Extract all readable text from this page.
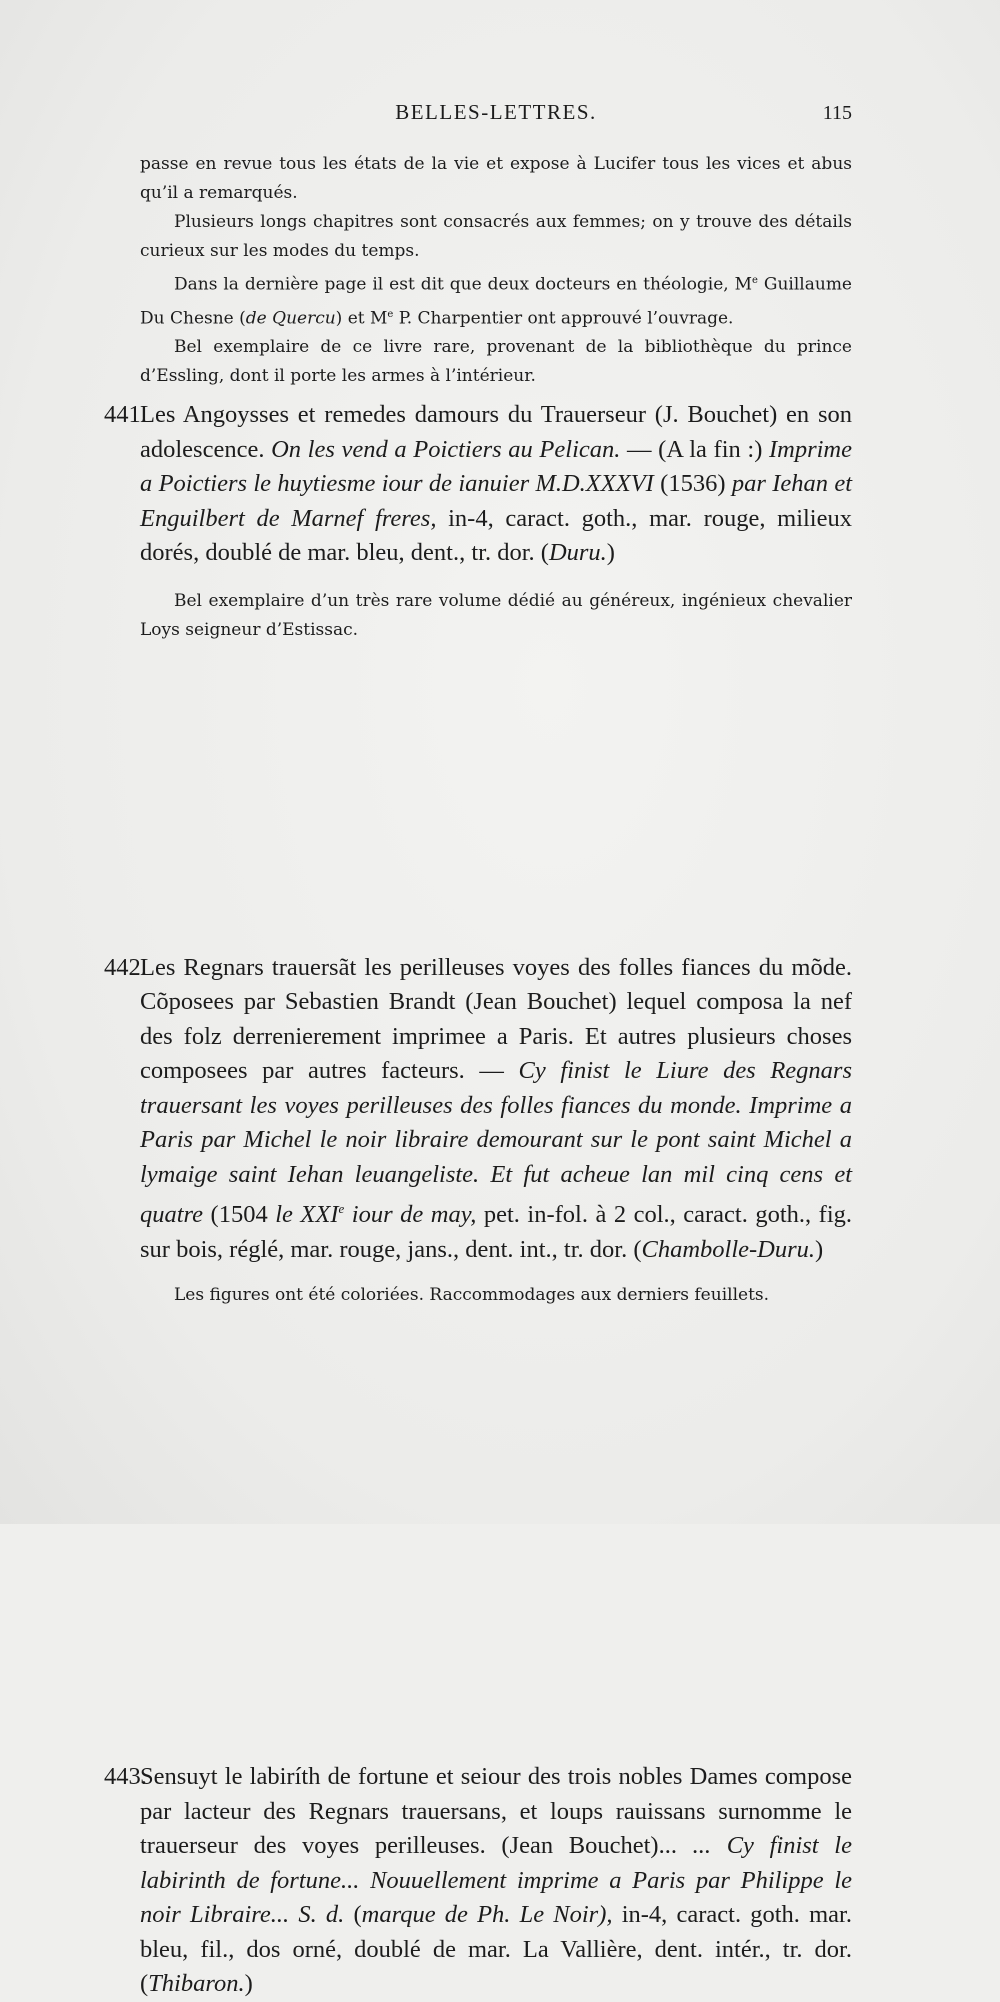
BELLES-LETTRES.	115

passe en revue tous les états de la vie et expose à Lucifer tous les vices et abus qu’il a remarqués.

Plusieurs longs chapitres sont consacrés aux femmes; on y trouve des détails curieux sur les modes du temps.

Dans la dernière page il est dit que deux docteurs en théologie, Me Guillaume Du Chesne (de Quercu) et Me P. Charpentier ont approuvé l’ouvrage.

Bel exemplaire de ce livre rare, provenant de la bibliothèque du prince d’Essling, dont il porte les armes à l’intérieur.

441.

Les Angoysses et remedes damours du Trauerseur (J. Bouchet) en son adolescence. On les vend a Poictiers au Pelican. — (A la fin :) Imprime a Poictiers le huytiesme iour de ianuier M.D.XXXVI (1536) par Iehan et Enguilbert de Marnef freres, in-4, caract. goth., mar. rouge, milieux dorés, doublé de mar. bleu, dent., tr. dor. (Duru.)

Bel exemplaire d’un très rare volume dédié au généreux, ingénieux chevalier Loys seigneur d’Estissac.

442.

Les Regnars trauersãt les perilleuses voyes des folles fiances du mõde. Cõposees par Sebastien Brandt (Jean Bouchet) lequel composa la nef des folz derrenierement imprimee a Paris. Et autres plusieurs choses composees par autres facteurs. — Cy finist le Liure des Regnars trauersant les voyes perilleuses des folles fiances du monde. Imprime a Paris par Michel le noir libraire demourant sur le pont saint Michel a lymaige saint Iehan leuangeliste. Et fut acheue lan mil cinq cens et quatre (1504 le XXIe iour de may, pet. in-fol. à 2 col., caract. goth., fig. sur bois, réglé, mar. rouge, jans., dent. int., tr. dor. (Chambolle-Duru.)

Les figures ont été coloriées. Raccommodages aux derniers feuillets.

443.

Sensuyt le labiríth de fortune et seiour des trois nobles Dames compose par lacteur des Regnars trauersans, et loups rauissans surnomme le trauerseur des voyes perilleuses. (Jean Bouchet)... ... Cy finist le labirinth de fortune... Nouuellement imprime a Paris par Philippe le noir Libraire... S. d. (marque de Ph. Le Noir), in-4, caract. goth. mar. bleu, fil., dos orné, doublé de mar. La Vallière, dent. intér., tr. dor. (Thibaron.)
